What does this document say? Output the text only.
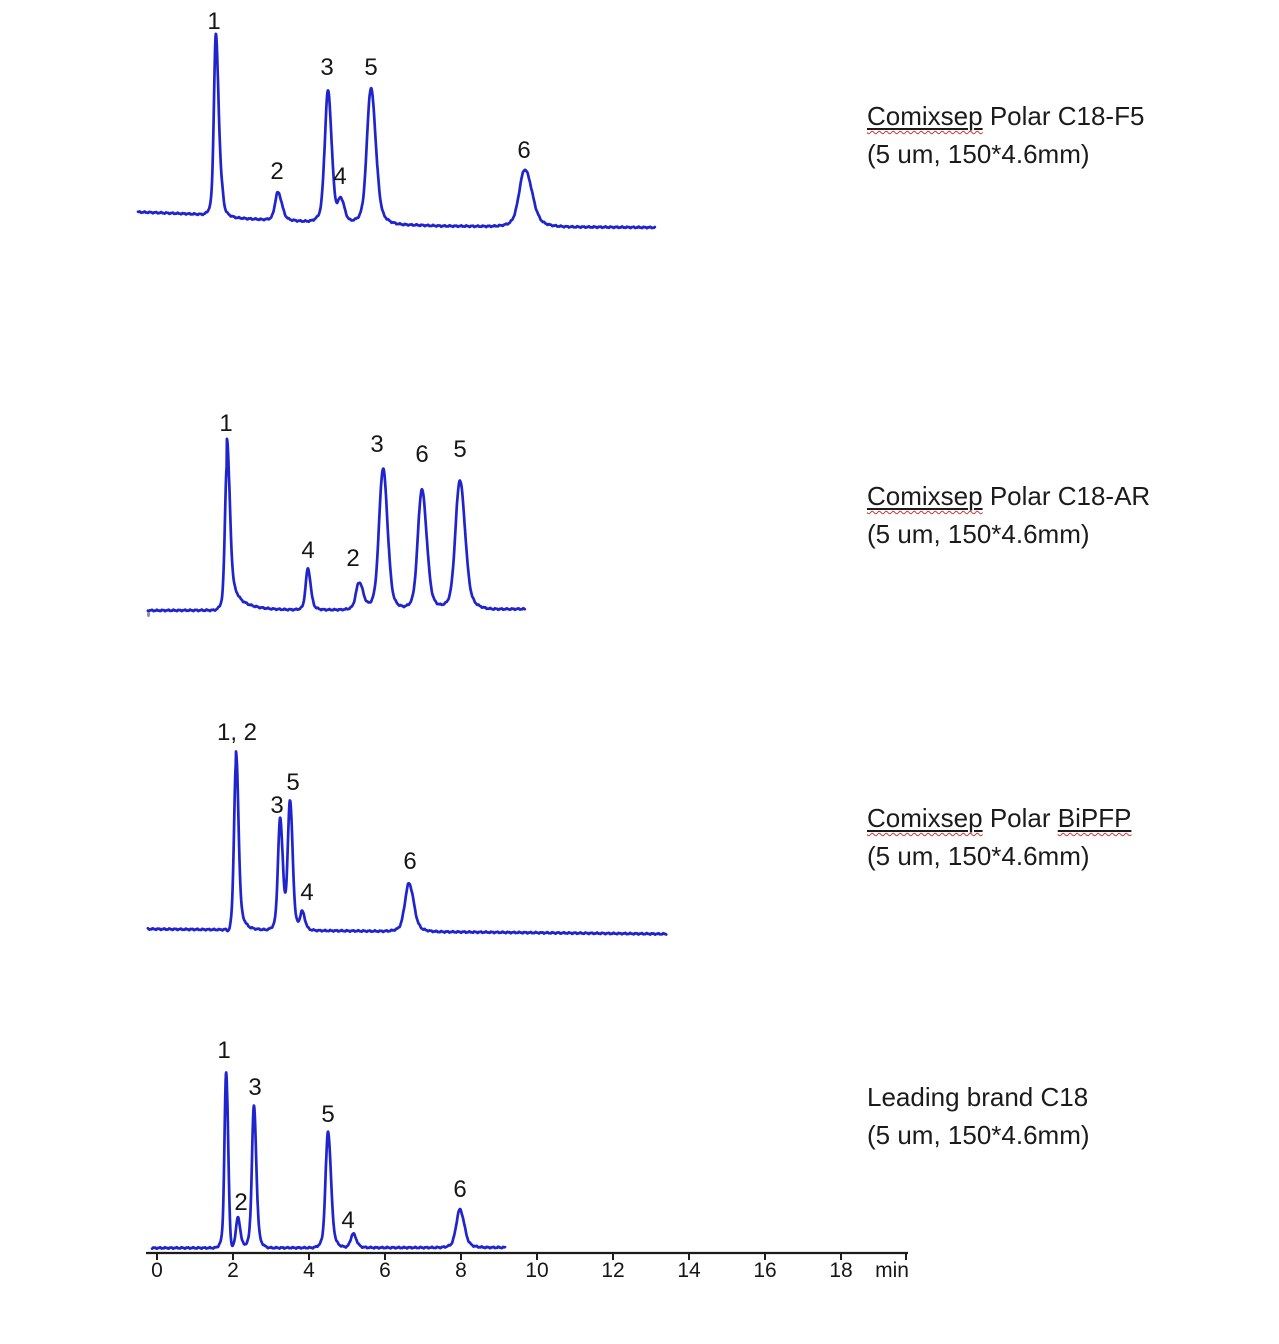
1
2
3
4
5
6
1
4 2
3 6 5
1, 2
3
5
4
6
1
2
3
5
4
6
0	2	4	6	8	10	12	14	16	18 min
Comixsep Polar C18-F5
(5 um, 150*4.6mm)
Comixsep Polar C18-AR
(5 um, 150*4.6mm)
Comixsep Polar BiPFP
(5 um, 150*4.6mm)
Leading brand C18
(5 um, 150*4.6mm)
